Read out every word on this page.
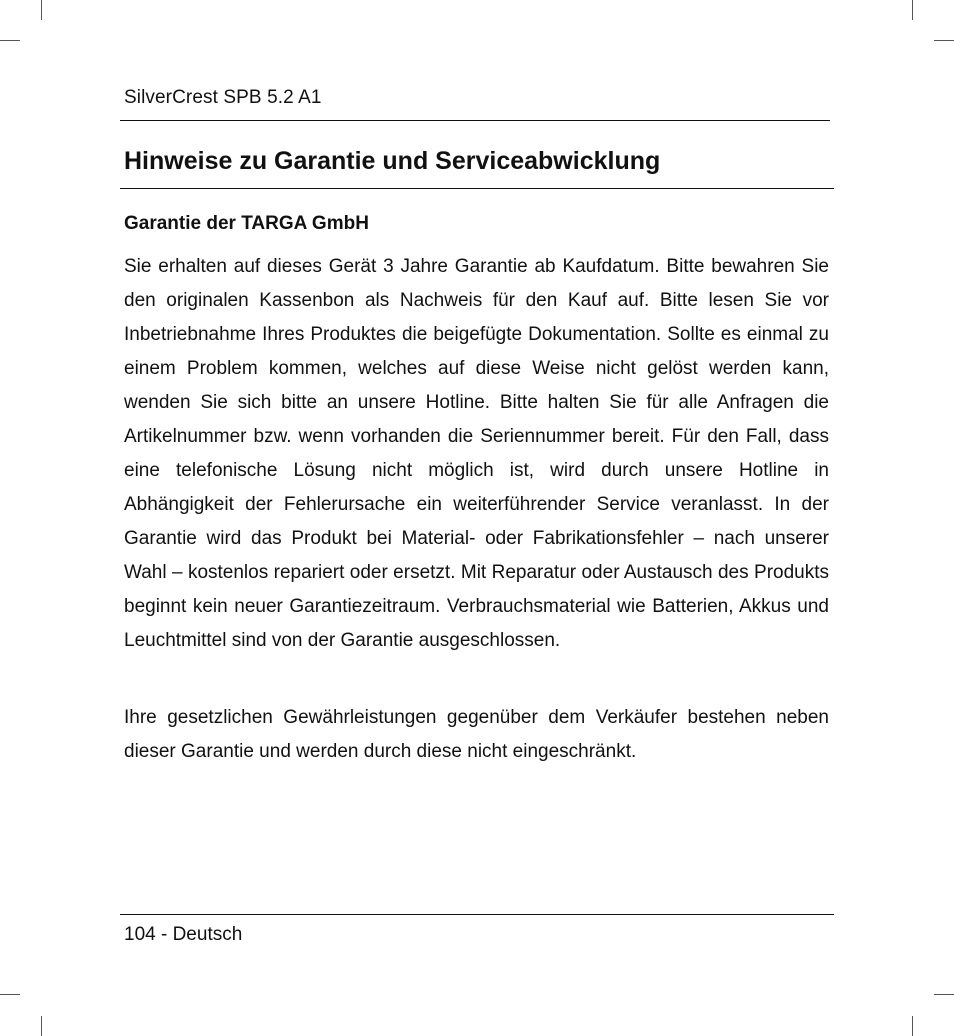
SilverCrest SPB 5.2 A1
Hinweise zu Garantie und Serviceabwicklung
Garantie der TARGA GmbH

Sie erhalten auf dieses Gerät 3 Jahre Garantie ab Kaufdatum. Bitte bewahren Sie den originalen Kassenbon als Nachweis für den Kauf auf. Bitte lesen Sie vor Inbetriebnahme Ihres Produktes die beigefügte Dokumentation. Sollte es einmal zu einem Problem kommen, welches auf diese Weise nicht gelöst werden kann, wenden Sie sich bitte an unsere Hotline. Bitte halten Sie für alle Anfragen die Artikelnummer bzw. wenn vorhanden die Seriennummer bereit. Für den Fall, dass eine telefonische Lösung nicht möglich ist, wird durch unsere Hotline in Abhängigkeit der Fehlerursache ein weiterführender Service veranlasst. In der Garantie wird das Produkt bei Material- oder Fabrikationsfehler – nach unserer Wahl – kostenlos repariert oder ersetzt. Mit Reparatur oder Austausch des Produkts beginnt kein neuer Garantiezeitraum. Verbrauchsmaterial wie Batterien, Akkus und Leuchtmittel sind von der Garantie ausgeschlossen.

Ihre gesetzlichen Gewährleistungen gegenüber dem Verkäufer bestehen neben dieser Garantie und werden durch diese nicht eingeschränkt.

104 - Deutsch
